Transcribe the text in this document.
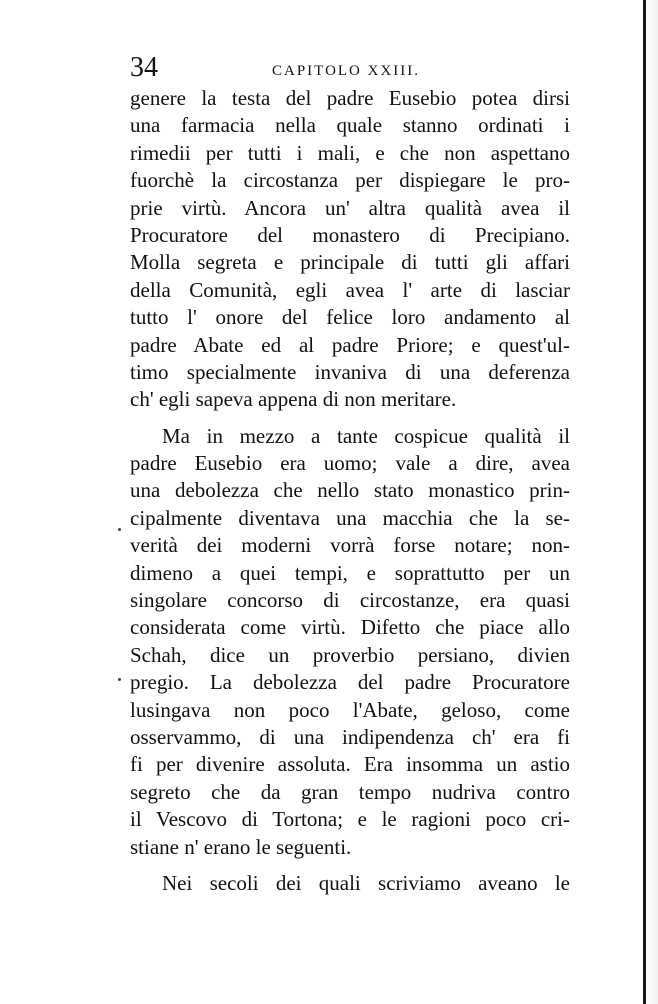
34	CAPITOLO XXIII.
genere la testa del padre Eusebio potea dirsi
una farmacia nella quale stanno ordinati i
rimedii per tutti i mali, e che non aspettano
fuorchè la circostanza per dispiegare le pro-
prie virtù. Ancora un' altra qualità avea il
Procuratore del monastero di Precipiano.
Molla segreta e principale di tutti gli affari
della Comunità, egli avea l' arte di lasciar
tutto l' onore del felice loro andamento al
padre Abate ed al padre Priore; e quest'ul-
timo specialmente invaniva di una deferenza
ch' egli sapeva appena di non meritare.
Ma in mezzo a tante cospicue qualità il
padre Eusebio era uomo; vale a dire, avea
una debolezza che nello stato monastico prin-
cipalmente diventava una macchia che la se-
verità dei moderni vorrà forse notare; non-
dimeno a quei tempi, e soprattutto per un
singolare concorso di circostanze, era quasi
considerata come virtù. Difetto che piace allo
Schah, dice un proverbio persiano, divien
pregio. La debolezza del padre Procuratore
lusingava non poco l'Abate, geloso, come
osservammo, di una indipendenza ch' era fi
fi per divenire assoluta. Era insomma un astio
segreto che da gran tempo nudriva contro
il Vescovo di Tortona; e le ragioni poco cri-
stiane n' erano le seguenti.
Nei secoli dei quali scriviamo aveano le
